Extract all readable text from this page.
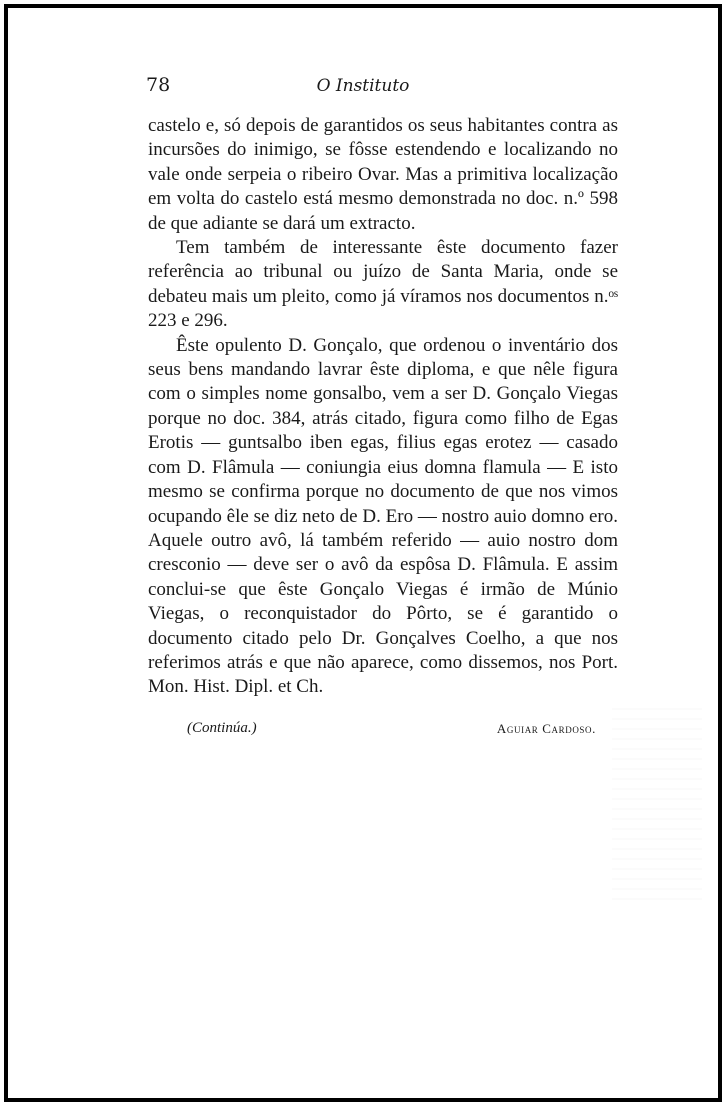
78	O Instituto

castelo e, só depois de garantidos os seus habitantes contra as incursões do inimigo, se fôsse estendendo e localizando no vale onde serpeia o ribeiro Ovar. Mas a primitiva localização em volta do castelo está mesmo demonstrada no doc. n.º 598 de que adiante se dará um extracto.

Tem também de interessante êste documento fazer referência ao tribunal ou juízo de Santa Maria, onde se debateu mais um pleito, como já víramos nos documentos n.ᵒˢ 223 e 296.

Êste opulento D. Gonçalo, que ordenou o inventário dos seus bens mandando lavrar êste diploma, e que nêle figura com o simples nome gonsalbo, vem a ser D. Gonçalo Viegas porque no doc. 384, atrás citado, figura como filho de Egas Erotis — guntsalbo iben egas, filius egas erotez — casado com D. Flâmula — coniungia eius domna flamula — E isto mesmo se confirma porque no documento de que nos vimos ocupando êle se diz neto de D. Ero — nostro auio domno ero. Aquele outro avô, lá também referido — auio nostro dom cresconio — deve ser o avô da espôsa D. Flâmula. E assim conclui-se que êste Gonçalo Viegas é irmão de Múnio Viegas, o reconquistador do Pôrto, se é garantido o documento citado pelo Dr. Gonçalves Coelho, a que nos referimos atrás e que não aparece, como dissemos, nos Port. Mon. Hist. Dipl. et Ch.

(Continúa.)	Aguiar Cardoso.
